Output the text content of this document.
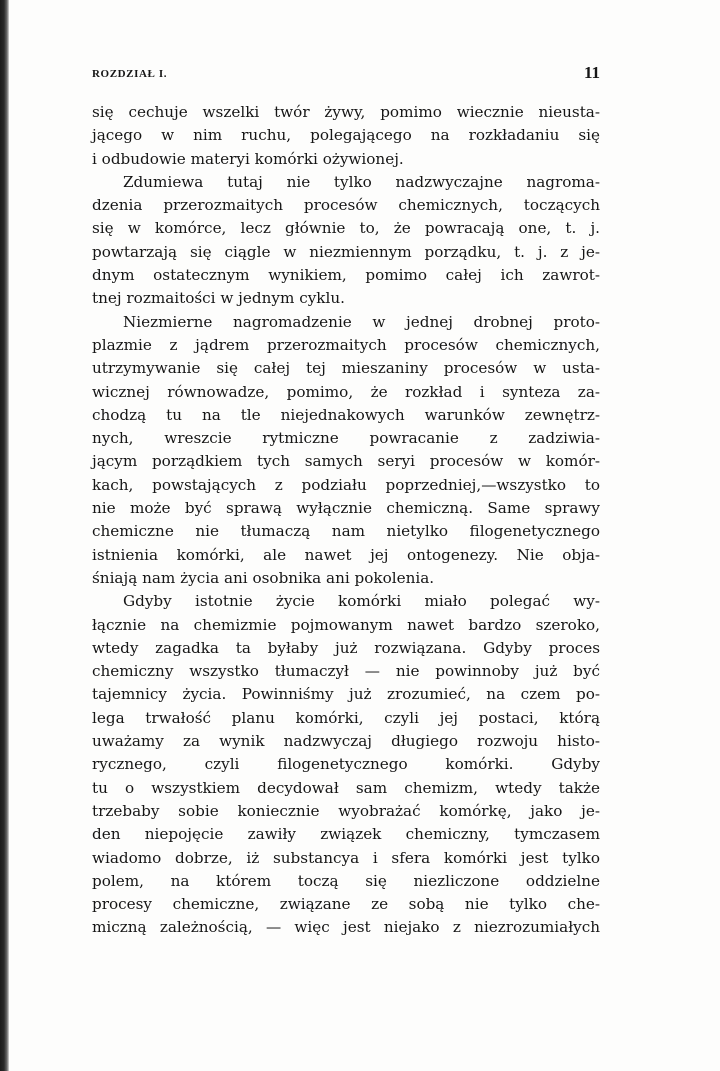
ROZDZIAŁ I.	11

się cechuje wszelki twór żywy, pomimo wiecznie nieusta-
jącego w nim ruchu, polegającego na rozkładaniu się
i odbudowie materyi komórki ożywionej.

Zdumiewa tutaj nie tylko nadzwyczajne nagroma-
dzenia przerozmaitych procesów chemicznych, toczących
się w komórce, lecz głównie to, że powracają one, t. j.
powtarzają się ciągle w niezmiennym porządku, t. j. z je-
dnym ostatecznym wynikiem, pomimo całej ich zawrot-
tnej rozmaitości w jednym cyklu.

Niezmierne nagromadzenie w jednej drobnej proto-
plazmie z jądrem przerozmaitych procesów chemicznych,
utrzymywanie się całej tej mieszaniny procesów w usta-
wicznej równowadze, pomimo, że rozkład i synteza za-
chodzą tu na tle niejednakowych warunków zewnętrz-
nych, wreszcie rytmiczne powracanie z zadziwia-
jącym porządkiem tych samych seryi procesów w komór-
kach, powstających z podziału poprzedniej,—wszystko to
nie może być sprawą wyłącznie chemiczną. Same sprawy
chemiczne nie tłumaczą nam nietylko filogenetycznego
istnienia komórki, ale nawet jej ontogenezy. Nie obja-
śniają nam życia ani osobnika ani pokolenia.

Gdyby istotnie życie komórki miało polegać wy-
łącznie na chemizmie pojmowanym nawet bardzo szeroko,
wtedy zagadka ta byłaby już rozwiązana. Gdyby proces
chemiczny wszystko tłumaczył — nie powinnoby już być
tajemnicy życia. Powinniśmy już zrozumieć, na czem po-
lega trwałość planu komórki, czyli jej postaci, którą
uważamy za wynik nadzwyczaj długiego rozwoju histo-
rycznego, czyli filogenetycznego komórki. Gdyby
tu o wszystkiem decydował sam chemizm, wtedy także
trzebaby sobie koniecznie wyobrażać komórkę, jako je-
den niepojęcie zawiły związek chemiczny, tymczasem
wiadomo dobrze, iż substancya i sfera komórki jest tylko
polem, na którem toczą się niezliczone oddzielne
procesy chemiczne, związane ze sobą nie tylko che-
miczną zależnością, — więc jest niejako z niezrozumiałych
